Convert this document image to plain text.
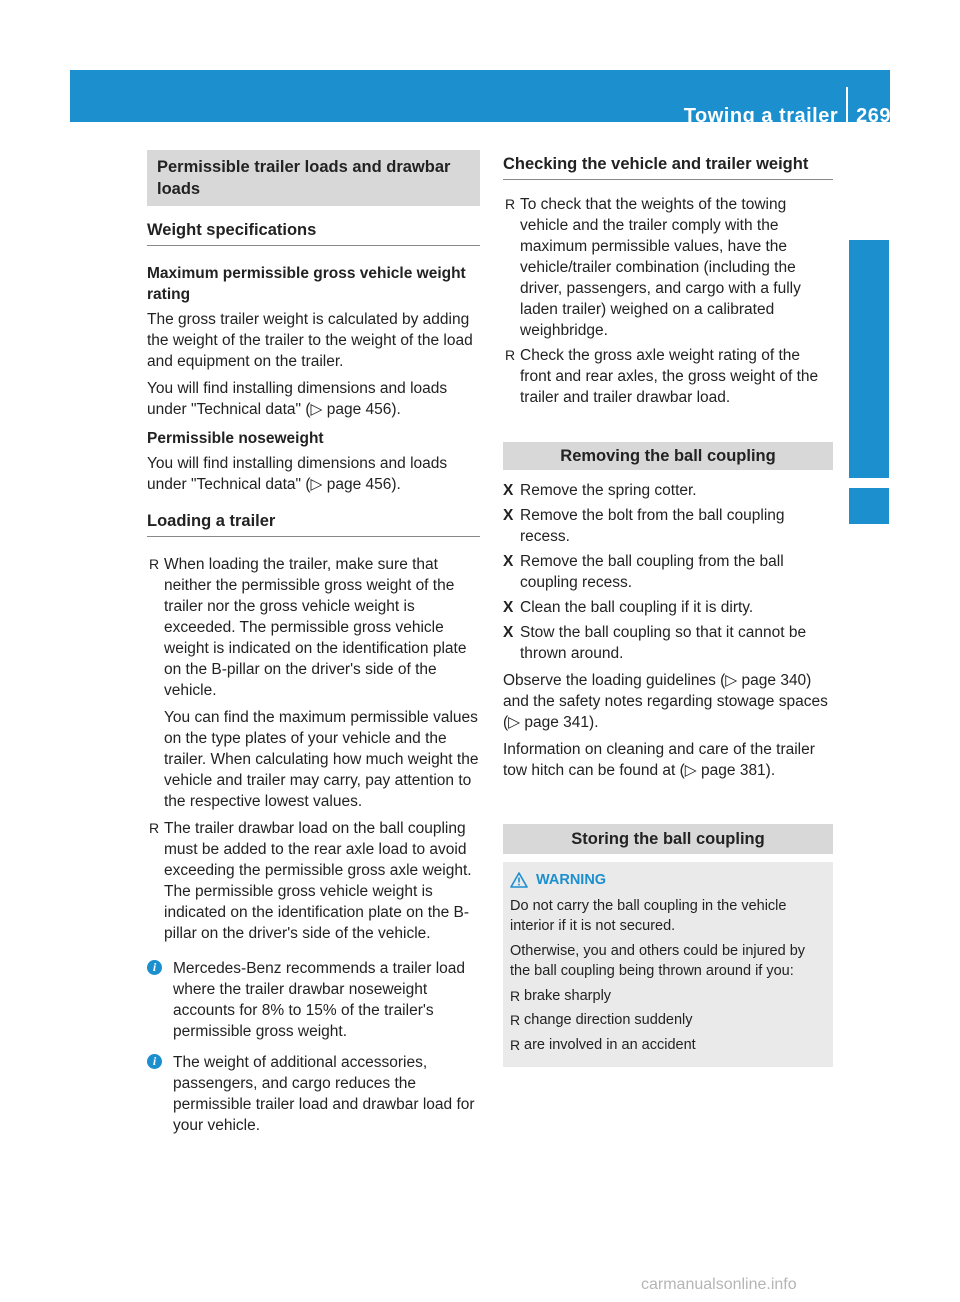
Towing a trailer 269
Driving and parking
Permissible trailer loads and drawbar loads
Weight specifications
Maximum permissible gross vehicle weight rating

The gross trailer weight is calculated by adding the weight of the trailer to the weight of the load and equipment on the trailer.

You will find installing dimensions and loads under "Technical data" (▷ page 456).

Permissible noseweight

You will find installing dimensions and loads under "Technical data" (▷ page 456).

Loading a trailer
R When loading the trailer, make sure that neither the permissible gross weight of the trailer nor the gross vehicle weight is exceeded. The permissible gross vehicle weight is indicated on the identification plate on the B-pillar on the driver's side of the vehicle.
You can find the maximum permissible values on the type plates of your vehicle and the trailer. When calculating how much weight the vehicle and trailer may carry, pay attention to the respective lowest values.
R The trailer drawbar load on the ball coupling must be added to the rear axle load to avoid exceeding the permissible gross axle weight. The permissible gross vehicle weight is indicated on the identification plate on the B-pillar on the driver's side of the vehicle.
i	Mercedes-Benz recommends a trailer load where the trailer drawbar noseweight accounts for 8% to 15% of the trailer's permissible gross weight.
i	The weight of additional accessories, passengers, and cargo reduces the permissible trailer load and drawbar load for your vehicle.
Checking the vehicle and trailer weight
R To check that the weights of the towing vehicle and the trailer comply with the maximum permissible values, have the vehicle/trailer combination (including the driver, passengers, and cargo with a fully laden trailer) weighed on a calibrated weighbridge.
R Check the gross axle weight rating of the front and rear axles, the gross weight of the trailer and trailer drawbar load.
Removing the ball coupling
X Remove the spring cotter.
X Remove the bolt from the ball coupling recess.
X Remove the ball coupling from the ball coupling recess.
X Clean the ball coupling if it is dirty.
X Stow the ball coupling so that it cannot be thrown around.

Observe the loading guidelines (▷ page 340) and the safety notes regarding stowage spaces (▷ page 341).

Information on cleaning and care of the trailer tow hitch can be found at (▷ page 381).

Storing the ball coupling
WARNING

Do not carry the ball coupling in the vehicle interior if it is not secured.

Otherwise, you and others could be injured by the ball coupling being thrown around if you:

R brake sharply
R change direction suddenly
R are involved in an accident
carmanualsonline.info
